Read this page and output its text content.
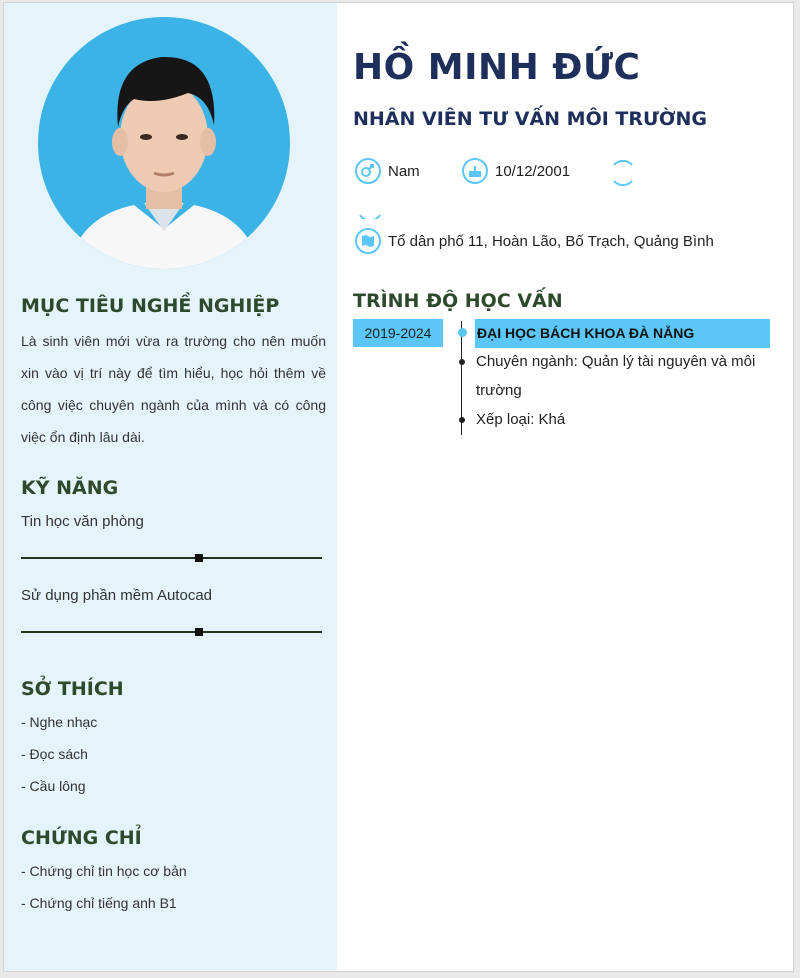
MỤC TIÊU NGHỀ NGHIỆP
Là sinh viên mới vừa ra trường cho nên muốn xin vào vị trí này để tìm hiểu, học hỏi thêm về công việc chuyên ngành của mình và có công việc ổn định lâu dài.
KỸ NĂNG
Tin học văn phòng
Sử dụng phần mềm Autocad
SỞ THÍCH
- Nghe nhạc
- Đọc sách
- Cầu lông
CHỨNG CHỈ
- Chứng chỉ tin học cơ bản
- Chứng chỉ tiếng anh B1
HỒ MINH ĐỨC
NHÂN VIÊN TƯ VẤN MÔI TRƯỜNG
Nam	10/12/2001
Tổ dân phố 11, Hoàn Lão, Bố Trạch, Quảng Bình
TRÌNH ĐỘ HỌC VẤN
2019-2024	ĐẠI HỌC BÁCH KHOA ĐÀ NẴNG
Chuyên ngành: Quản lý tài nguyên và môi trường
Xếp loại: Khá
